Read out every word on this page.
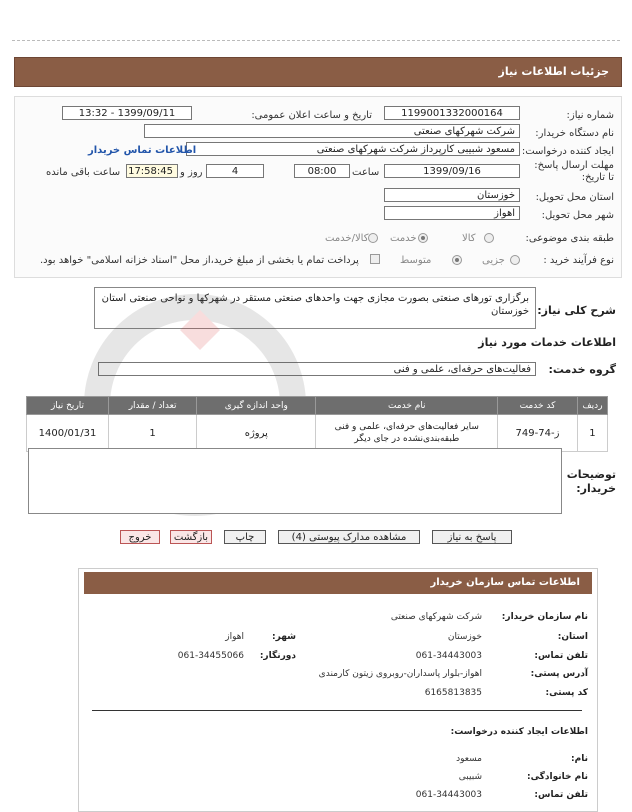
جزئیات اطلاعات نیاز
شماره نیاز:
1199001332000164
تاریخ و ساعت اعلان عمومی:
1399/09/11 - 13:32
نام دستگاه خریدار:
شرکت شهرکهای صنعتی
ایجاد کننده درخواست:
مسعود شبیبی کارپرداز شرکت شهرکهای صنعتی
اطلاعات تماس خریدار
مهلت ارسال پاسخ: تا تاریخ:
1399/09/16
ساعت
08:00
4
روز و
17:58:45
ساعت باقی مانده
استان محل تحویل:
خوزستان
شهر محل تحویل:
اهواز
طبقه بندی موضوعی:
کالا
خدمت
کالا/خدمت
نوع فرآیند خرید :
جزیی
متوسط
پرداخت تمام یا بخشی از مبلغ خرید،از محل "اسناد خزانه اسلامی" خواهد بود.
شرح کلی نیاز:
برگزاری تورهای صنعتی بصورت مجازی جهت واحدهای صنعتی مستقر در شهرکها و نواحی صنعتی استان خوزستان
اطلاعات خدمات مورد نیاز
گروه خدمت:
فعالیت‌های حرفه‌ای، علمی و فنی
ردیف	کد خدمت	نام خدمت	واحد اندازه گیری	تعداد / مقدار	تاریخ نیاز
1	ز-74-749	سایر فعالیت‌های حرفه‌ای، علمی و فنی طبقه‌بندی‌نشده در جای دیگر	پروژه	1	1400/01/31
توضیحات خریدار:
پاسخ به نیاز
مشاهده مدارک پیوستی (4)
چاپ
بازگشت
خروج
اطلاعات تماس سازمان خریدار
نام سازمان خریدار:
شرکت شهرکهای صنعتی
استان:
خوزستان
شهر:
اهواز
تلفن تماس:
061-34443003
دورنگار:
061-34455066
آدرس پستی:
اهواز-بلوار پاسداران-روبروی زیتون کارمندی
کد پستی:
6165813835
اطلاعات ایجاد کننده درخواست:
نام:
مسعود
نام خانوادگی:
شبیبی
تلفن تماس:
061-34443003
